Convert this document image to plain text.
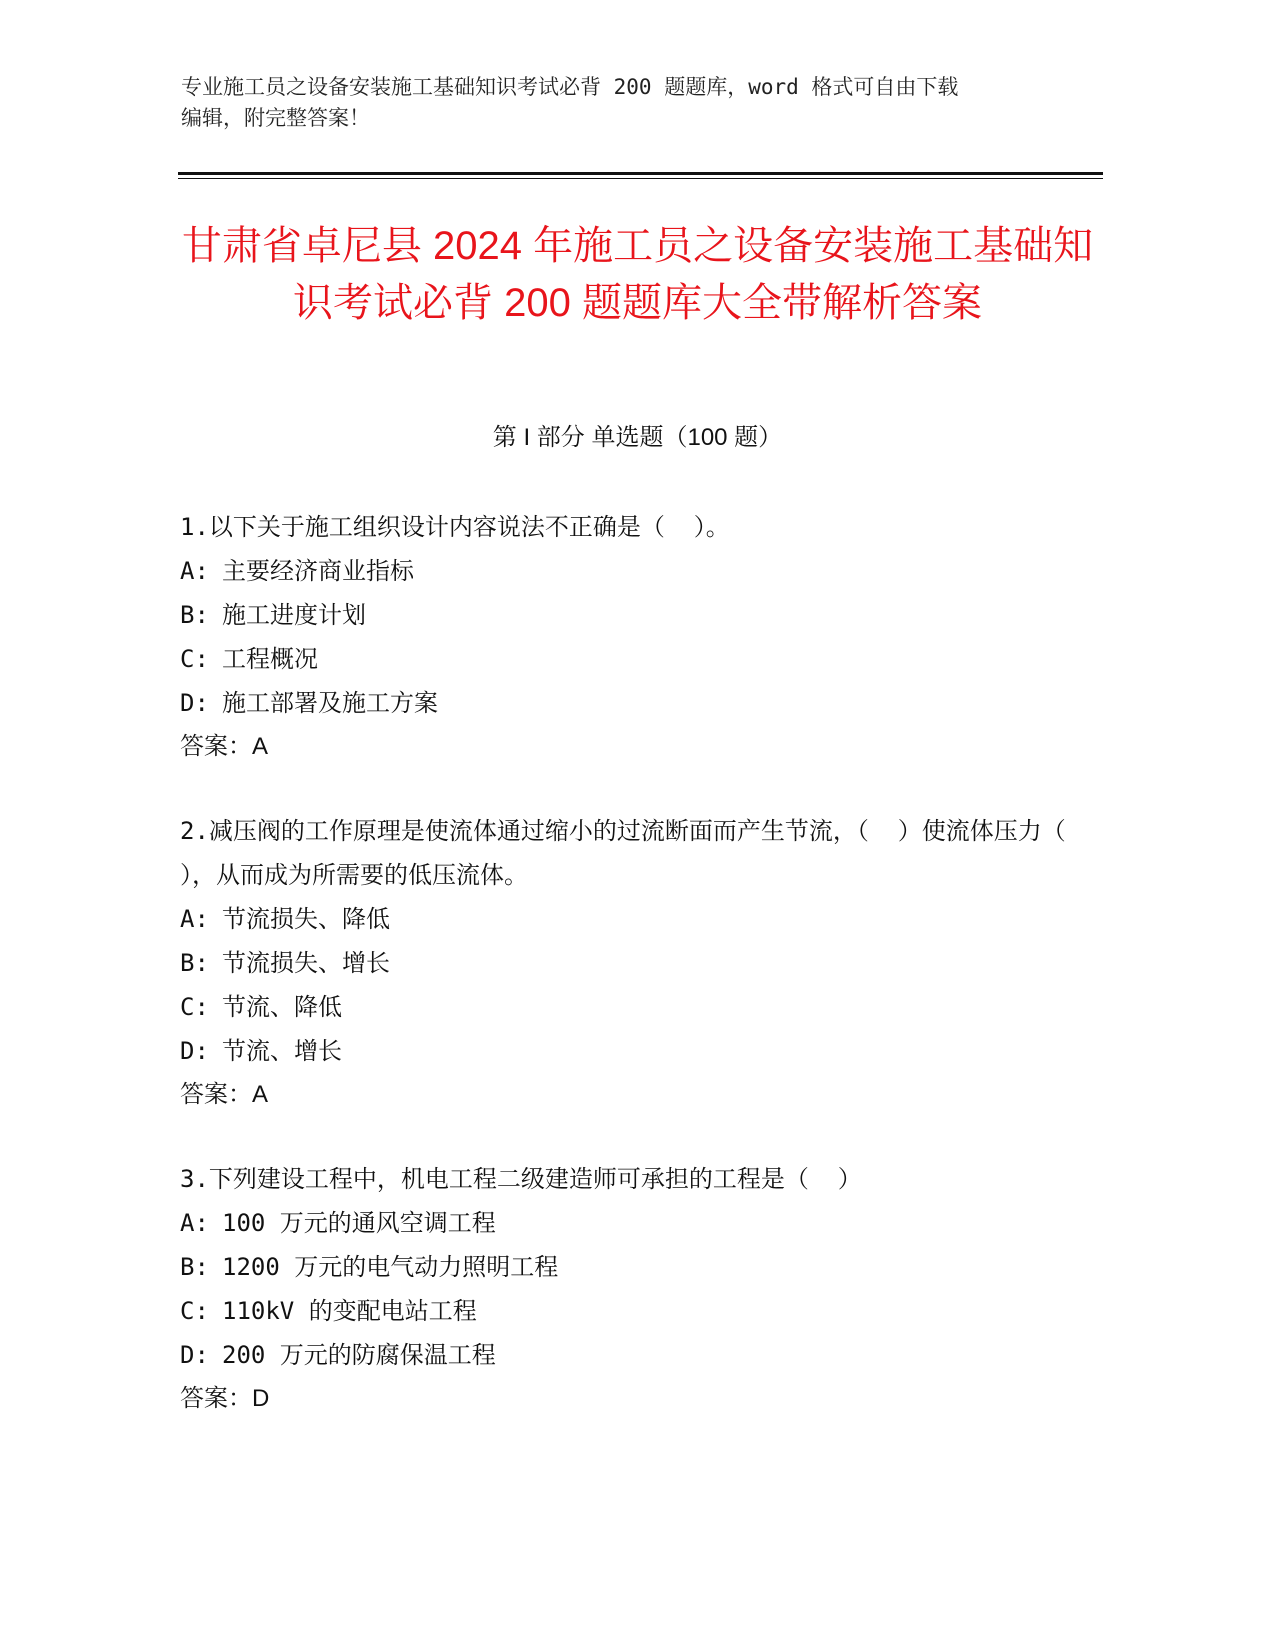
专业施工员之设备安装施工基础知识考试必背 200 题题库，word 格式可自由下载
编辑，附完整答案！
甘肃省卓尼县 2024 年施工员之设备安装施工基础知识考试必背 200 题题库大全带解析答案
第 I 部分 单选题（100 题）
1.以下关于施工组织设计内容说法不正确是（  ）。
A: 主要经济商业指标
B: 施工进度计划
C: 工程概况
D: 施工部署及施工方案
答案：A
2.减压阀的工作原理是使流体通过缩小的过流断面而产生节流，（  ）使流体压力（  ），从而成为所需要的低压流体。
A: 节流损失、降低
B: 节流损失、增长
C: 节流、降低
D: 节流、增长
答案：A
3.下列建设工程中，机电工程二级建造师可承担的工程是（  ）
A: 100 万元的通风空调工程
B: 1200 万元的电气动力照明工程
C: 110kV 的变配电站工程
D: 200 万元的防腐保温工程
答案：D
